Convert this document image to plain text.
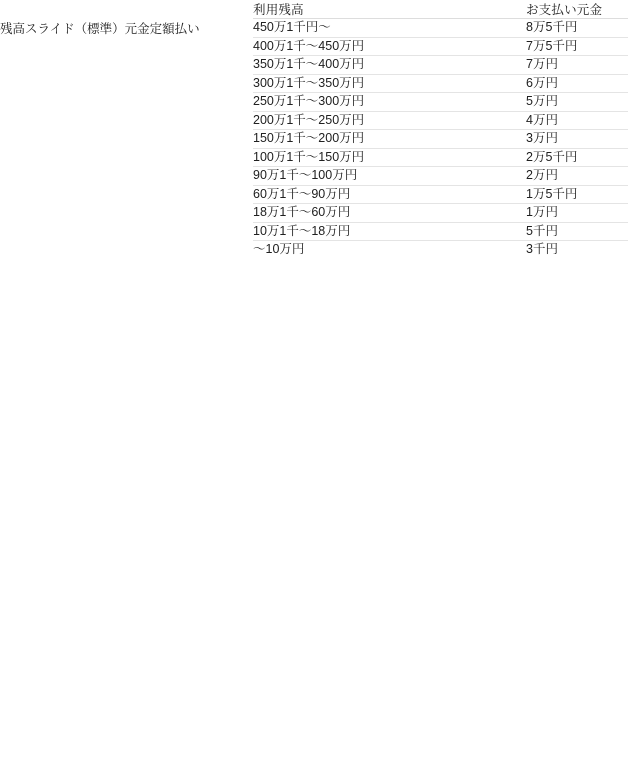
	利用残高	お支払い元金
残高スライド（標準）元金定額払い	450万1千円〜	8万5千円
	400万1千〜450万円	7万5千円
	350万1千〜400万円	7万円
	300万1千〜350万円	6万円
	250万1千〜300万円	5万円
	200万1千〜250万円	4万円
	150万1千〜200万円	3万円
	100万1千〜150万円	2万5千円
	90万1千〜100万円	2万円
	60万1千〜90万円	1万5千円
	18万1千〜60万円	1万円
	10万1千〜18万円	5千円
	〜10万円	3千円
